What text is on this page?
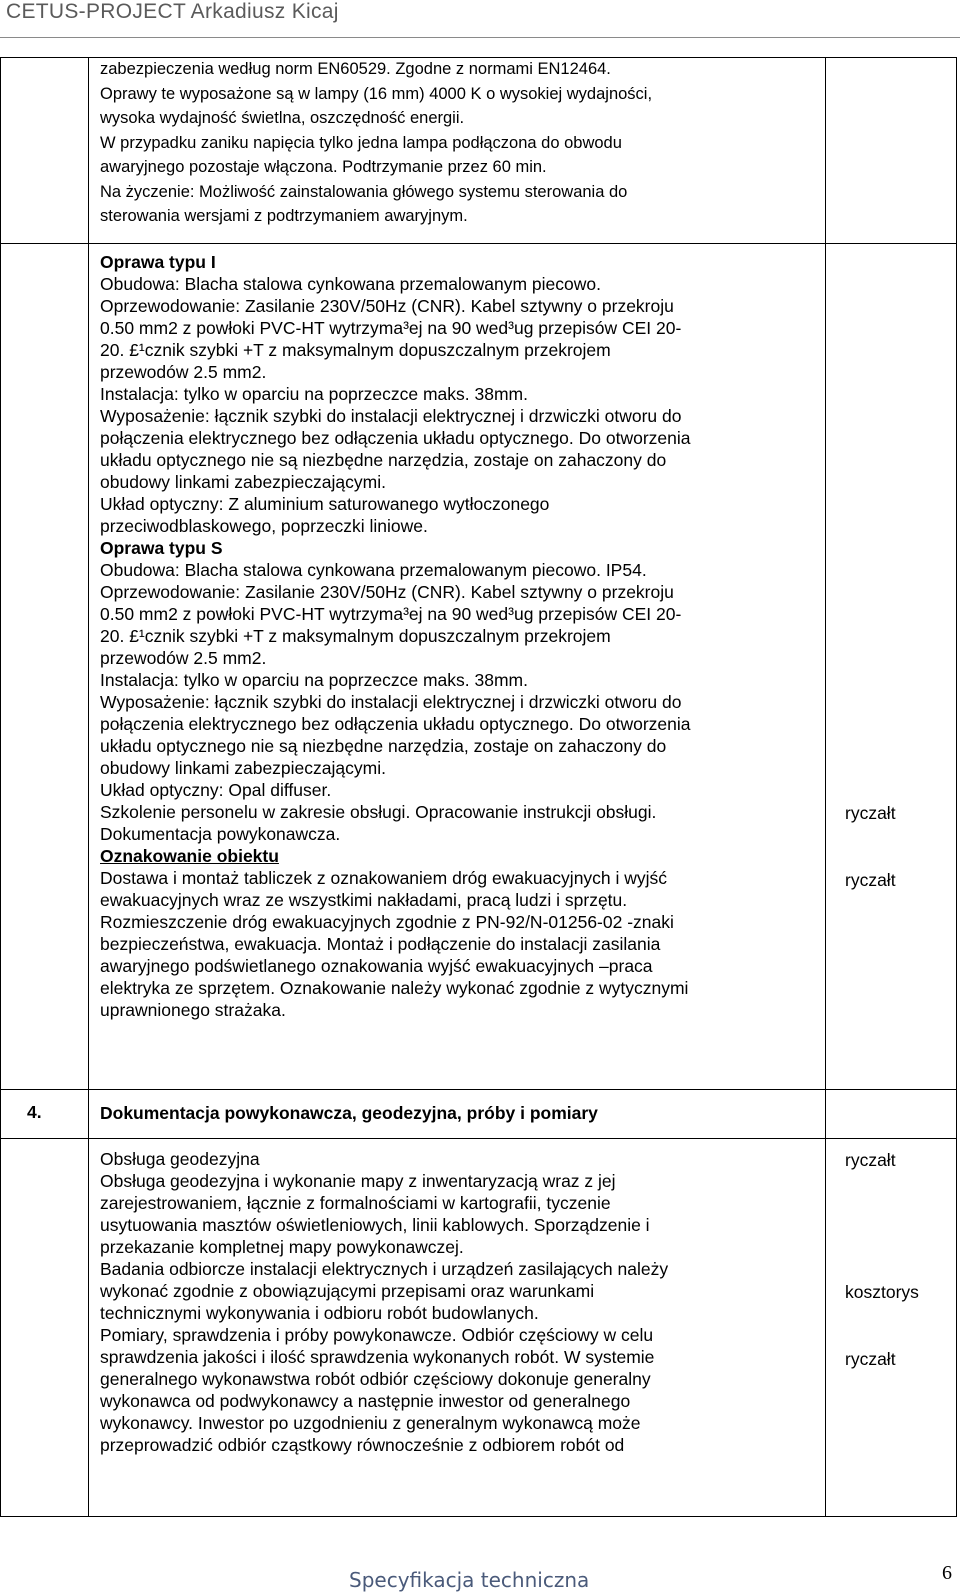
CETUS-PROJECT Arkadiusz Kicaj

zabezpieczenia według norm EN60529. Zgodne z normami EN12464.

Oprawy te wyposażone są w lampy (16 mm) 4000 K o wysokiej wydajności,

wysoka wydajność świetlna, oszczędność energii.

W przypadku zaniku napięcia tylko jedna lampa podłączona do obwodu

awaryjnego pozostaje włączona. Podtrzymanie przez 60 min.

Na życzenie: Możliwość zainstalowania główego systemu sterowania do

sterowania wersjami z podtrzymaniem awaryjnym.

Oprawa typu I

Obudowa: Blacha stalowa cynkowana przemalowanym piecowo.

Oprzewodowanie: Zasilanie 230V/50Hz (CNR). Kabel sztywny o przekroju

0.50 mm2 z powłoki PVC-HT wytrzyma³ej na 90 wed³ug przepisów CEI 20-

20. £¹cznik szybki +T z maksymalnym dopuszczalnym przekrojem

przewodów 2.5 mm2.

Instalacja: tylko w oparciu na poprzeczce maks. 38mm.

Wyposażenie: łącznik szybki do instalacji elektrycznej i drzwiczki otworu do

połączenia elektrycznego bez odłączenia układu optycznego. Do otworzenia

układu optycznego nie są niezbędne narzędzia, zostaje on zahaczony do

obudowy linkami zabezpieczającymi.

Układ optyczny: Z aluminium saturowanego wytłoczonego

przeciwodblaskowego, poprzeczki liniowe.

Oprawa typu S

Obudowa: Blacha stalowa cynkowana przemalowanym piecowo. IP54.

Oprzewodowanie: Zasilanie 230V/50Hz (CNR). Kabel sztywny o przekroju

0.50 mm2 z powłoki PVC-HT wytrzyma³ej na 90 wed³ug przepisów CEI 20-

20. £¹cznik szybki +T z maksymalnym dopuszczalnym przekrojem

przewodów 2.5 mm2.

Instalacja: tylko w oparciu na poprzeczce maks. 38mm.

Wyposażenie: łącznik szybki do instalacji elektrycznej i drzwiczki otworu do

połączenia elektrycznego bez odłączenia układu optycznego. Do otworzenia

układu optycznego nie są niezbędne narzędzia, zostaje on zahaczony do

obudowy linkami zabezpieczającymi.

Układ optyczny: Opal diffuser.

Szkolenie personelu w zakresie obsługi. Opracowanie instrukcji obsługi.

Dokumentacja powykonawcza.

ryczałt

Oznakowanie obiektu

Dostawa i montaż tabliczek z oznakowaniem dróg ewakuacyjnych i wyjść

ewakuacyjnych wraz ze wszystkimi nakładami, pracą ludzi i sprzętu.

Rozmieszczenie dróg ewakuacyjnych zgodnie z PN-92/N-01256-02 -znaki

bezpieczeństwa, ewakuacja. Montaż i podłączenie do instalacji zasilania

awaryjnego podświetlanego oznakowania wyjść ewakuacyjnych –praca

elektryka ze sprzętem. Oznakowanie należy wykonać zgodnie z wytycznymi

uprawnionego strażaka.

ryczałt
4.	Dokumentacja powykonawcza, geodezyjna, próby i pomiary

Obsługa geodezyjna

Obsługa geodezyjna i wykonanie mapy z inwentaryzacją wraz z jej

zarejestrowaniem, łącznie z formalnościami w kartografii, tyczenie

usytuowania masztów oświetleniowych, linii kablowych. Sporządzenie i

przekazanie kompletnej mapy powykonawczej.

ryczałt

Badania odbiorcze instalacji elektrycznych i urządzeń zasilających należy

wykonać zgodnie z obowiązującymi przepisami oraz warunkami

technicznymi wykonywania i odbioru robót budowlanych.

kosztorys

Pomiary, sprawdzenia i próby powykonawcze. Odbiór częściowy w celu

sprawdzenia jakości i ilość sprawdzenia wykonanych robót. W systemie

generalnego wykonawstwa robót odbiór częściowy dokonuje generalny

wykonawca od podwykonawcy a następnie inwestor od generalnego

wykonawcy. Inwestor po uzgodnieniu z generalnym wykonawcą może

przeprowadzić odbiór cząstkowy równocześnie z odbiorem robót od

ryczałt
Specyfikacja techniczna	6
